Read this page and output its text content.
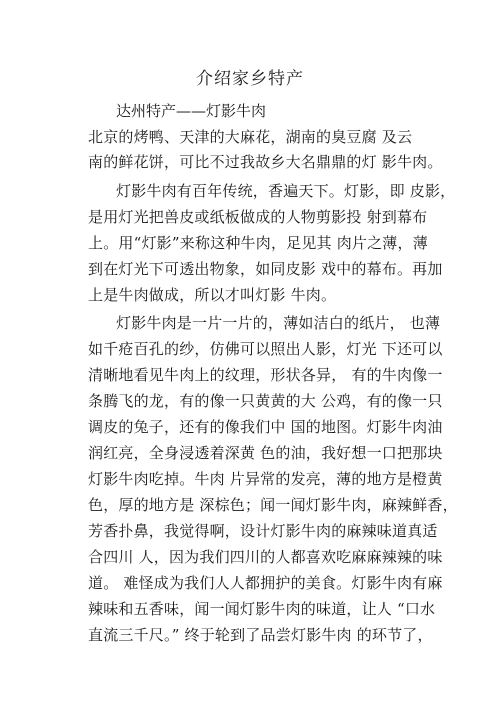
介绍家乡特产
达州特产——灯影牛肉
北京的烤鸭、天津的大麻花，湖南的臭豆腐 及云
南的鲜花饼，可比不过我故乡大名鼎鼎的灯 影牛肉。
灯影牛肉有百年传统，香遍天下。灯影，即 皮影，
是用灯光把兽皮或纸板做成的人物剪影投 射到幕布
上。用“灯影”来称这种牛肉，足见其 肉片之薄，薄
到在灯光下可透出物象，如同皮影 戏中的幕布。再加
上是牛肉做成，所以才叫灯影 牛肉。
灯影牛肉是一片一片的，薄如洁白的纸片， 也薄
如千疮百孔的纱，仿佛可以照出人影，灯光 下还可以
清晰地看见牛肉上的纹理，形状各异， 有的牛肉像一
条腾飞的龙，有的像一只黄黄的大 公鸡，有的像一只
调皮的兔子，还有的像我们中 国的地图。灯影牛肉油
润红亮，全身浸透着深黄 色的油，我好想一口把那块
灯影牛肉吃掉。牛肉 片异常的发亮，薄的地方是橙黄
色，厚的地方是 深棕色；闻一闻灯影牛肉，麻辣鲜香，
芳香扑鼻，我觉得啊，设计灯影牛肉的麻辣味道真适
合四川 人，因为我们四川的人都喜欢吃麻麻辣辣的味
道。 难怪成为我们人人都拥护的美食。灯影牛肉有麻
辣味和五香味，闻一闻灯影牛肉的味道，让人 “口水
直流三千尺。” 终于轮到了品尝灯影牛肉 的环节了，
